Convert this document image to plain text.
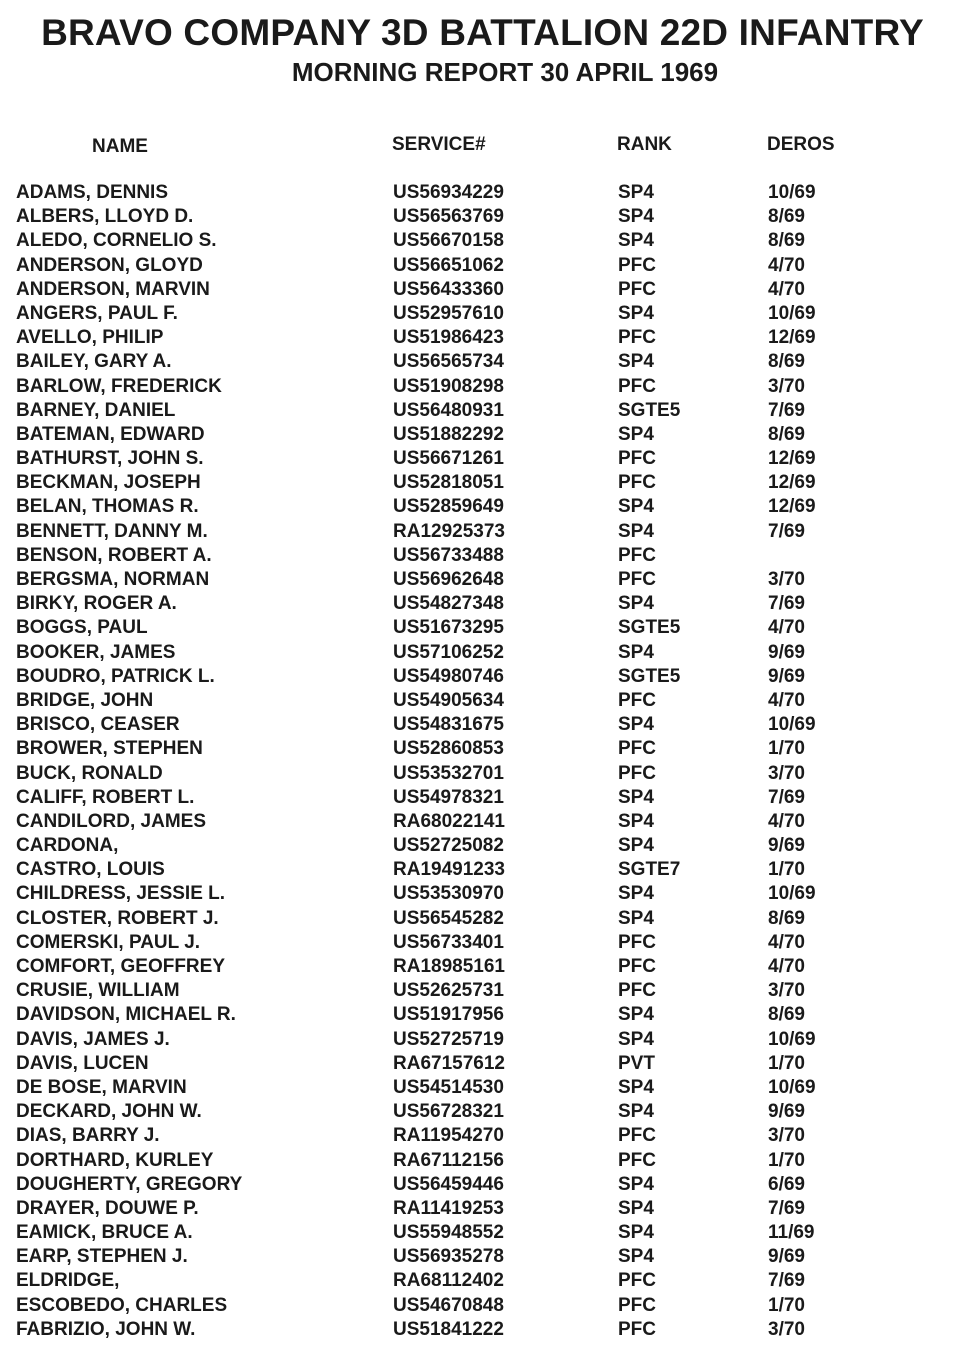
BRAVO COMPANY 3D BATTALION 22D INFANTRY
MORNING REPORT 30 APRIL 1969
NAME	SERVICE#	RANK	DEROS
ADAMS, DENNIS	US56934229	SP4	10/69
ALBERS, LLOYD D.	US56563769	SP4	8/69
ALEDO, CORNELIO S.	US56670158	SP4	8/69
ANDERSON, GLOYD	US56651062	PFC	4/70
ANDERSON, MARVIN	US56433360	PFC	4/70
ANGERS, PAUL F.	US52957610	SP4	10/69
AVELLO, PHILIP	US51986423	PFC	12/69
BAILEY, GARY A.	US56565734	SP4	8/69
BARLOW, FREDERICK	US51908298	PFC	3/70
BARNEY, DANIEL	US56480931	SGTE5	7/69
BATEMAN, EDWARD	US51882292	SP4	8/69
BATHURST, JOHN S.	US56671261	PFC	12/69
BECKMAN, JOSEPH	US52818051	PFC	12/69
BELAN, THOMAS R.	US52859649	SP4	12/69
BENNETT, DANNY M.	RA12925373	SP4	7/69
BENSON, ROBERT A.	US56733488	PFC
BERGSMA, NORMAN	US56962648	PFC	3/70
BIRKY, ROGER A.	US54827348	SP4	7/69
BOGGS, PAUL	US51673295	SGTE5	4/70
BOOKER, JAMES	US57106252	SP4	9/69
BOUDRO, PATRICK L.	US54980746	SGTE5	9/69
BRIDGE, JOHN	US54905634	PFC	4/70
BRISCO, CEASER	US54831675	SP4	10/69
BROWER, STEPHEN	US52860853	PFC	1/70
BUCK, RONALD	US53532701	PFC	3/70
CALIFF, ROBERT L.	US54978321	SP4	7/69
CANDILORD, JAMES	RA68022141	SP4	4/70
CARDONA,	US52725082	SP4	9/69
CASTRO, LOUIS	RA19491233	SGTE7	1/70
CHILDRESS, JESSIE L.	US53530970	SP4	10/69
CLOSTER, ROBERT J.	US56545282	SP4	8/69
COMERSKI, PAUL J.	US56733401	PFC	4/70
COMFORT, GEOFFREY	RA18985161	PFC	4/70
CRUSIE, WILLIAM	US52625731	PFC	3/70
DAVIDSON, MICHAEL R.	US51917956	SP4	8/69
DAVIS, JAMES J.	US52725719	SP4	10/69
DAVIS, LUCEN	RA67157612	PVT	1/70
DE BOSE, MARVIN	US54514530	SP4	10/69
DECKARD, JOHN W.	US56728321	SP4	9/69
DIAS, BARRY J.	RA11954270	PFC	3/70
DORTHARD, KURLEY	RA67112156	PFC	1/70
DOUGHERTY, GREGORY	US56459446	SP4	6/69
DRAYER, DOUWE P.	RA11419253	SP4	7/69
EAMICK, BRUCE A.	US55948552	SP4	11/69
EARP, STEPHEN J.	US56935278	SP4	9/69
ELDRIDGE,	RA68112402	PFC	7/69
ESCOBEDO, CHARLES	US54670848	PFC	1/70
FABRIZIO, JOHN W.	US51841222	PFC	3/70
